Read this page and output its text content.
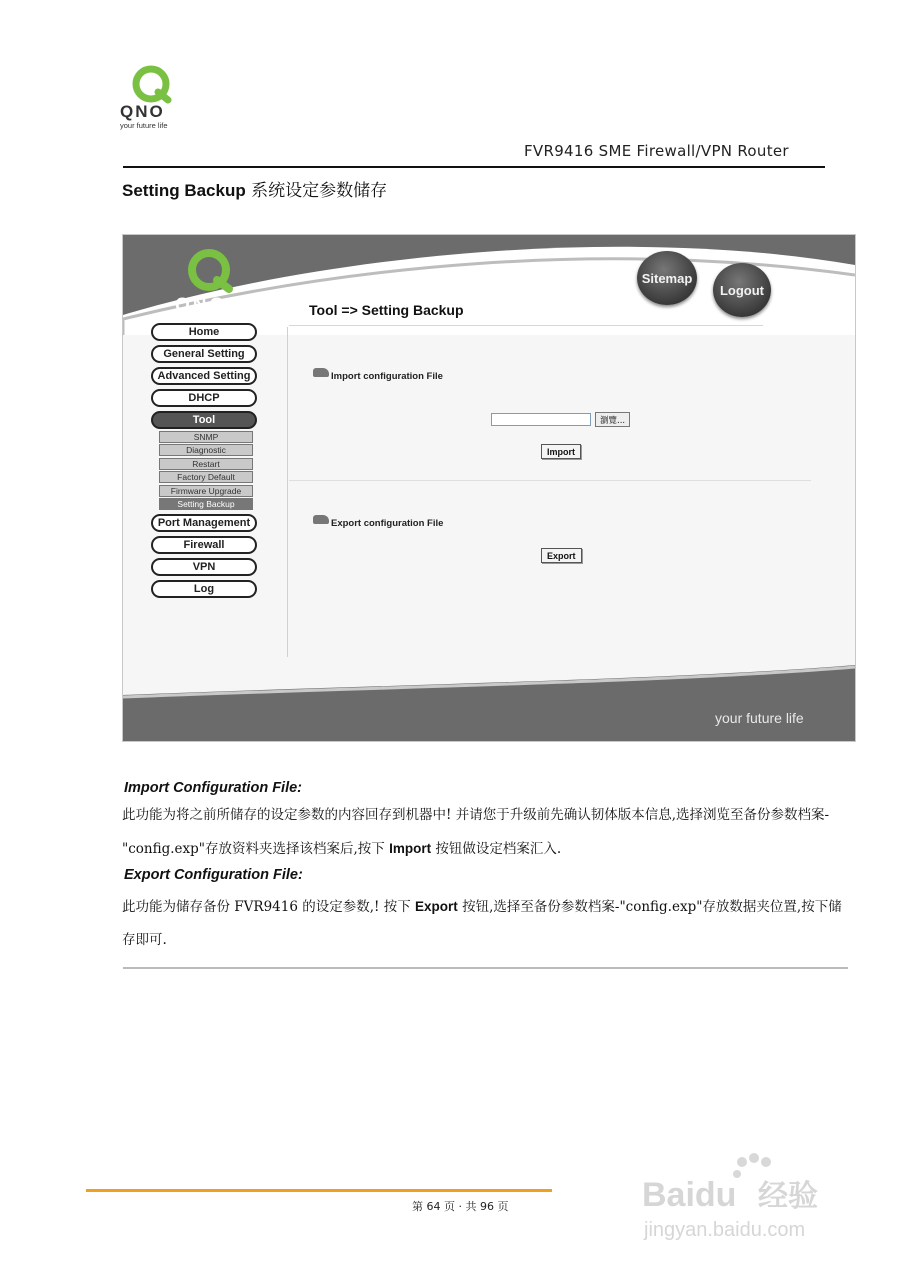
QNO
your future life
FVR9416 SME Firewall/VPN Router
Setting Backup 系统设定参数储存
your future life
QNO
Sitemap
Logout
Tool => Setting Backup
Home
General Setting
Advanced Setting
DHCP
Tool
SNMP
Diagnostic
Restart
Factory Default
Firmware Upgrade
Setting Backup
Port Management
Firewall
VPN
Log
Import configuration File
瀏覽...
Import
Export configuration File
Export
Import Configuration File:
此功能为将之前所储存的设定参数的内容回存到机器中! 并请您于升级前先确认韧体版本信息,选择浏览至备份参数档案-"config.exp"存放资料夹选择该档案后,按下 Import 按钮做设定档案汇入.
Export Configuration File:
此功能为储存备份 FVR9416 的设定参数,! 按下 Export 按钮,选择至备份参数档案-"config.exp"存放数据夹位置,按下储存即可.
第 64 页 · 共 96 页	Baidu 经验
jingyan.baidu.com
